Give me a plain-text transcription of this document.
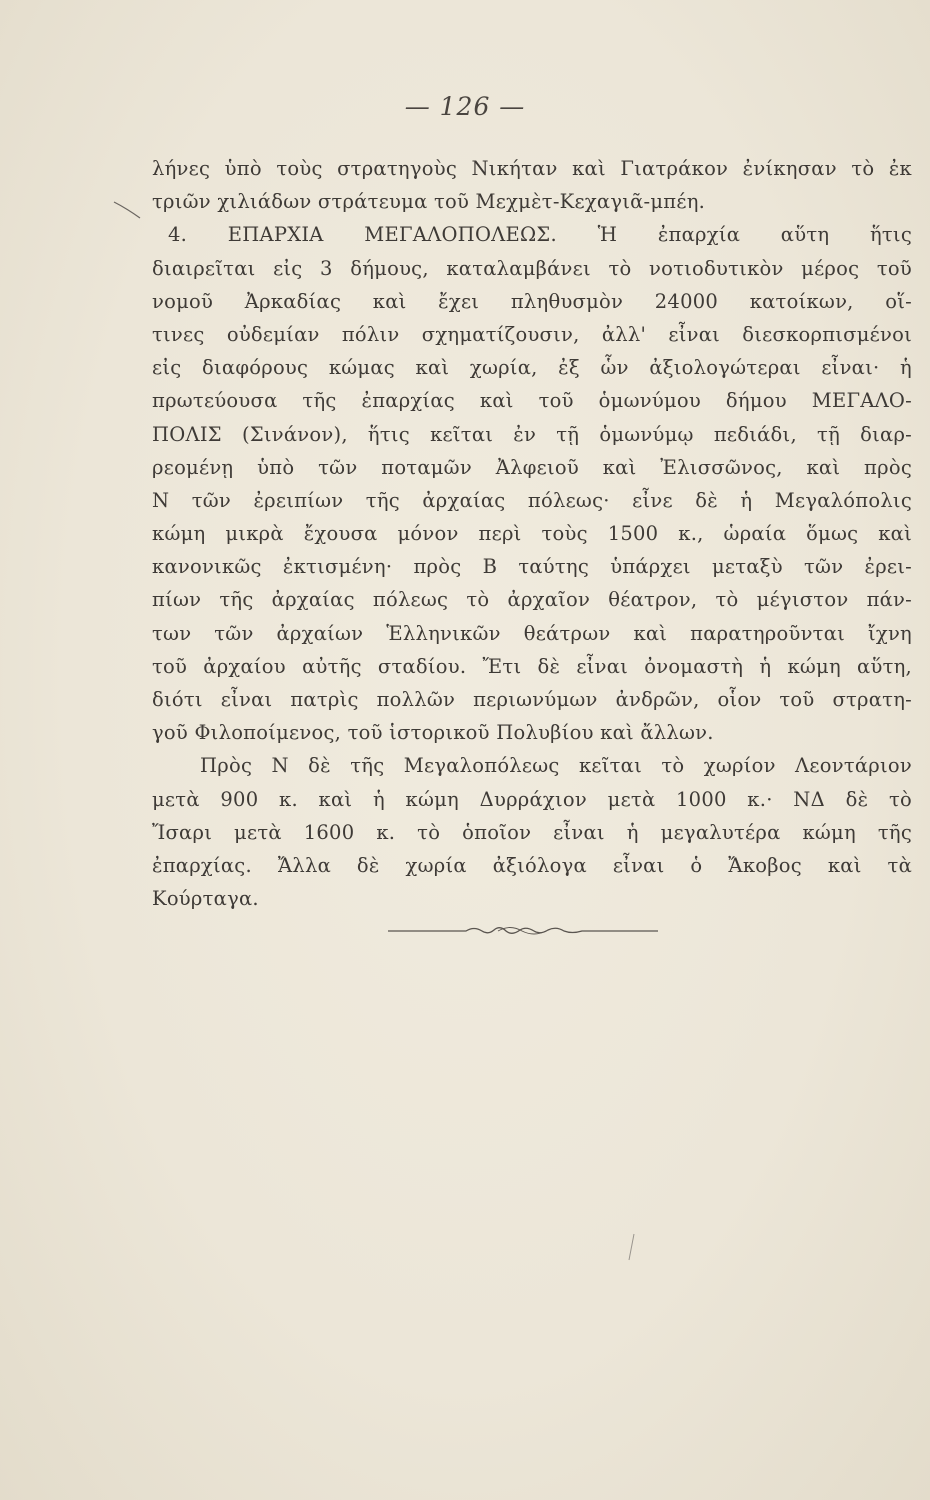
— 126 —
λήνες ὑπὸ τοὺς στρατηγοὺς Νικήταν καὶ Γιατράκον ἐνίκησαν τὸ ἐκ
τριῶν χιλιάδων στράτευμα τοῦ Μεχμὲτ-Κεχαγιᾶ-μπέη.
4. ΕΠΑΡΧΙΑ ΜΕΓΑΛΟΠΟΛΕΩΣ. Ἡ ἐπαρχία αὕτη ἥτις
διαιρεῖται εἰς 3 δήμους, καταλαμβάνει τὸ νοτιοδυτικὸν μέρος τοῦ
νομοῦ Ἀρκαδίας καὶ ἔχει πληθυσμὸν 24000 κατοίκων, οἵ-
τινες οὐδεμίαν πόλιν σχηματίζουσιν, ἀλλ' εἶναι διεσκορπισμένοι
εἰς διαφόρους κώμας καὶ χωρία, ἐξ ὧν ἀξιολογώτεραι εἶναι· ἡ
πρωτεύουσα τῆς ἐπαρχίας καὶ τοῦ ὁμωνύμου δήμου ΜΕΓΑΛΟ-
ΠΟΛΙΣ (Σινάνον), ἥτις κεῖται ἐν τῇ ὁμωνύμῳ πεδιάδι, τῇ διαρ-
ρεομένῃ ὑπὸ τῶν ποταμῶν Ἀλφειοῦ καὶ Ἐλισσῶνος, καὶ πρὸς
Ν τῶν ἐρειπίων τῆς ἀρχαίας πόλεως· εἶνε δὲ ἡ Μεγαλόπολις
κώμη μικρὰ ἔχουσα μόνον περὶ τοὺς 1500 κ., ὡραία ὅμως καὶ
κανονικῶς ἐκτισμένη· πρὸς Β ταύτης ὑπάρχει μεταξὺ τῶν ἐρει-
πίων τῆς ἀρχαίας πόλεως τὸ ἀρχαῖον θέατρον, τὸ μέγιστον πάν-
των τῶν ἀρχαίων Ἑλληνικῶν θεάτρων καὶ παρατηροῦνται ἴχνη
τοῦ ἀρχαίου αὐτῆς σταδίου. Ἔτι δὲ εἶναι ὀνομαστὴ ἡ κώμη αὕτη,
διότι εἶναι πατρὶς πολλῶν περιωνύμων ἀνδρῶν, οἷον τοῦ στρατη-
γοῦ Φιλοποίμενος, τοῦ ἱστορικοῦ Πολυβίου καὶ ἄλλων.
Πρὸς Ν δὲ τῆς Μεγαλοπόλεως κεῖται τὸ χωρίον Λεοντάριον
μετὰ 900 κ. καὶ ἡ κώμη Δυρράχιον μετὰ 1000 κ.· ΝΔ δὲ τὸ
Ἴσαρι μετὰ 1600 κ. τὸ ὁποῖον εἶναι ἡ μεγαλυτέρα κώμη τῆς
ἐπαρχίας. Ἄλλα δὲ χωρία ἀξιόλογα εἶναι ὁ Ἄκοβος καὶ τὰ
Κούρταγα.
